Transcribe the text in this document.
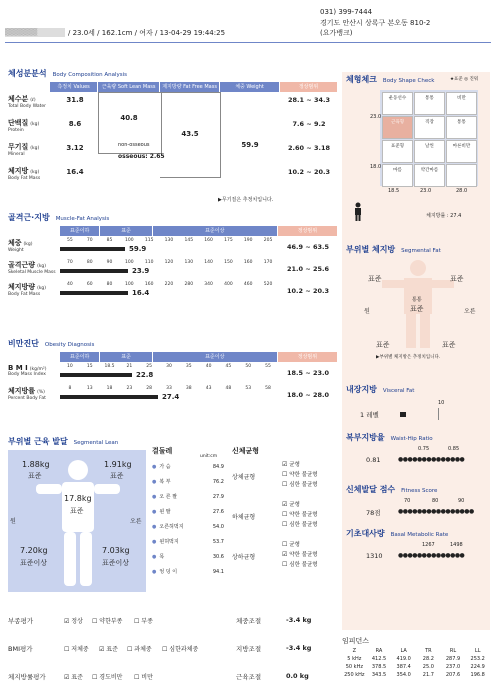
▒▒▒▒▒▒	/ 23.0세 / 162.1cm / 여자 / 13-04-29 19:44:25
031) 399-7444
경기도 안산시 상록구 본오동 810-2
(요가뱅크)
체성분분석 Body Composition Analysis
측정치 Values	근육량 Soft Lean Mass	제지방량 Fat Free Mass	체중 Weight	정상범위
체수분 (ℓ)
Total Body Water
31.8	28.1 ~ 34.3
단백질 (kg)
Protein
8.6	7.6 ~ 9.2
무기질 (kg)
Mineral
3.12	2.60 ~ 3.18
체지방 (kg)
Body Fat Mass
16.4	10.2 ~ 20.3
40.8
43.5
59.9
non-osseous
osseous: 2.65
▶무기질은 추정치입니다.
골격근·지방 Muscle-Fat Analysis
표준이하	표준	표준이상	정상범위
체중 (kg)
Weight
55	70	85	100	115	130	145	160	175	190	205
59.9	46.9 ~ 63.5
골격근량 (kg)
Skeletal Muscle Mass
70	80	90	100	110	120	130	140	150	160	170
23.9	21.0 ~ 25.6
체지방량 (kg)
Body Fat Mass
40	60	80	100	160	220	280	340	400	460	520
16.4	10.2 ~ 20.3
비만진단 Obesity Diagnosis
표준이하	표준	표준이상	정상범위
B M I (kg/m²)
Body Mass Index
10	15	18.5	21	25	30	35	40	45	50	55
22.8	18.5 ~ 23.0
체지방률 (%)
Percent Body Fat
8	13	18	23	28	33	38	43	48	53	58
27.4	18.0 ~ 28.0
부위별 근육 발달 Segmental Lean
1.88kg
표준
1.91kg
표준
17.8kg
표준
원	오른
7.20kg
표준이상
7.03kg
표준이상
결둘레
unit:cm
● 가 슴	84.9
● 복 부	76.2
● 오 른 팔	27.9
● 왼 팔	27.6
● 오른허벅지	54.0
● 왼허벅지	53.7
● 목	30.6
● 엉 덩 이	94.1
신체균형
상체균형
☑ 균형
☐ 약한 불균형
☐ 심한 불균형
하체균형
☑ 균형
☐ 약한 불균형
☐ 심한 불균형
상하균형
☐ 균형
☑ 약한 불균형
☐ 심한 불균형
부종평가	☑ 정상 ☐ 약한부종 ☐ 부종
BMI평가	☐ 저체중 ☑ 표준 ☐ 과체중 ☐ 심한과체중
체지방률평가	☑ 표준 ☐ 경도비만 ☐ 비만
체중조절	-3.4 kg
지방조절	-3.4 kg
근육조절	0.0 kg
임피던스
Z	RA	LA	TR	RL	LL
5 kHz	412.5	419.0	28.2	287.9	253.2
50 kHz	378.5	387.4	25.0	237.0	224.9
250 kHz	343.5	354.0	21.7	207.6	196.8
체형체크 Body Shape Check	★표준 ◎ 진워
운동선수	통통	비만
근육형	직장	통통
표준형	날씬	마른비만
마름	약간마름
23.0
18.0
18.5	23.0	28.0
체지방률 : 27.4
부위별 체지방 Segmental Fat
통통
표준
표준	표준
표준	표준
원	오른
▶부위별 체지방은 추정치입니다.
내장지방 Visceral Fat
10
1 레벨
복부지방율 Waist-Hip Ratio
0.75	0.85
0.81	●●●●●●●●●●●●●●
신체발달 점수 Fitness Score
70	80	90
78점	●●●●●●●●●●●●●●●●
기초대사량 Basal Metabolic Rate
1267	1498
1310	●●●●●●●●●●●●●●
